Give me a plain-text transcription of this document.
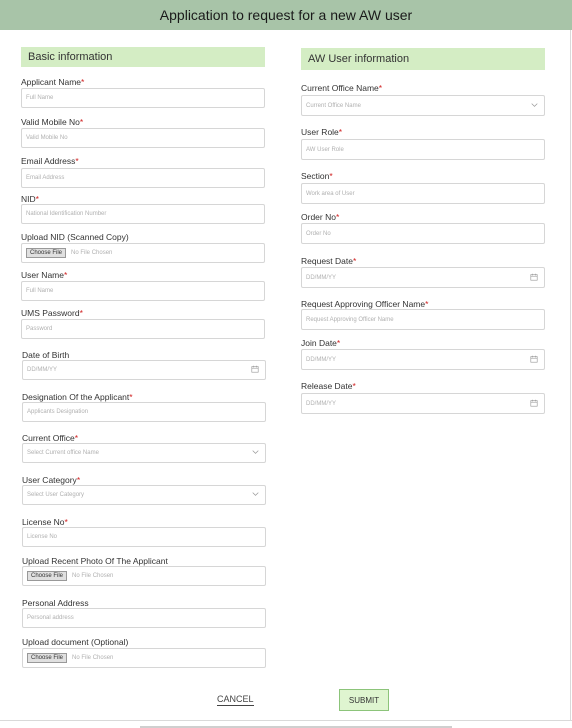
Application to request for a new AW user
Basic information
Applicant Name*
Full Name
Valid Mobile No*
Valid Mobile No
Email Address*
Email Address
NID*
National Identification Number
Upload NID (Scanned Copy)
Choose File	No File Chosen
User Name*
Full Name
UMS Password*
Password
Date of Birth
DD/MM/YY
Designation Of the Applicant*
Applicants Designation
Current Office*
Select Current office Name
User Category*
Select User Category
License No*
License No
Upload Recent Photo Of The Applicant
Choose File	No File Chosen
Personal Address
Personal address
Upload document (Optional)
Choose File	No File Chosen
AW User information
Current Office Name*
Current Office Name
User Role*
AW User Role
Section*
Work area of User
Order No*
Order No
Request Date*
DD/MM/YY
Request Approving Officer Name*
Request Approving Officer Name
Join Date*
DD/MM/YY
Release Date*
DD/MM/YY
CANCEL	SUBMIT
